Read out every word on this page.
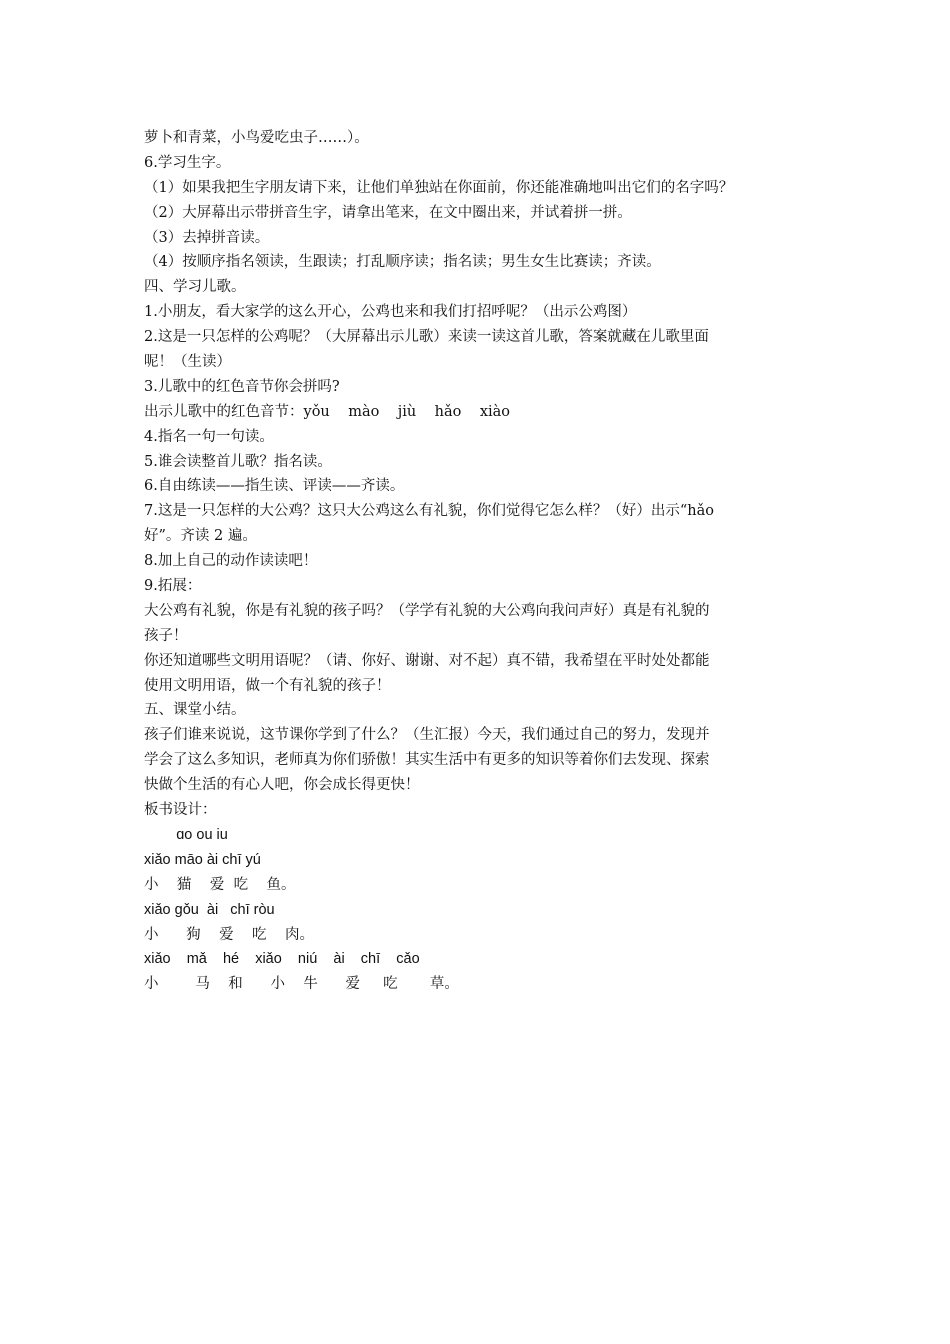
萝卜和青菜，小鸟爱吃虫子……）。
6.学习生字。
（1）如果我把生字朋友请下来，让他们单独站在你面前，你还能准确地叫出它们的名字吗？
（2）大屏幕出示带拼音生字，请拿出笔来，在文中圈出来，并试着拼一拼。
（3）去掉拼音读。
（4）按顺序指名领读，生跟读；打乱顺序读；指名读；男生女生比赛读；齐读。
四、学习儿歌。
1.小朋友，看大家学的这么开心，公鸡也来和我们打招呼呢？（出示公鸡图）
2.这是一只怎样的公鸡呢？（大屏幕出示儿歌）来读一读这首儿歌，答案就藏在儿歌里面
呢！（生读）
3.儿歌中的红色音节你会拼吗?
出示儿歌中的红色音节：yǒu    mào    jiù    hǎo    xiào
4.指名一句一句读。
5.谁会读整首儿歌？指名读。
6.自由练读——指生读、评读——齐读。
7.这是一只怎样的大公鸡？这只大公鸡这么有礼貌，你们觉得它怎么样？（好）出示“hǎo
好”。齐读 2 遍。
8.加上自己的动作读读吧！
9.拓展：
大公鸡有礼貌，你是有礼貌的孩子吗？（学学有礼貌的大公鸡向我问声好）真是有礼貌的
孩子！
你还知道哪些文明用语呢？（请、你好、谢谢、对不起）真不错，我希望在平时处处都能
使用文明用语，做一个有礼貌的孩子！
五、课堂小结。
孩子们谁来说说，这节课你学到了什么？（生汇报）今天，我们通过自己的努力，发现并
学会了这么多知识，老师真为你们骄傲！其实生活中有更多的知识等着你们去发现、探索
快做个生活的有心人吧，你会成长得更快！
板书设计：
ɑo ou iu
xiǎo māo ài chī yú
小    猫    爱  吃    鱼。
xiǎo gǒu  ài   chī ròu
小      狗    爱    吃    肉。
xiǎo    mǎ    hé    xiǎo    niú    ài    chī    cǎo
小        马    和      小    牛      爱     吃       草。
